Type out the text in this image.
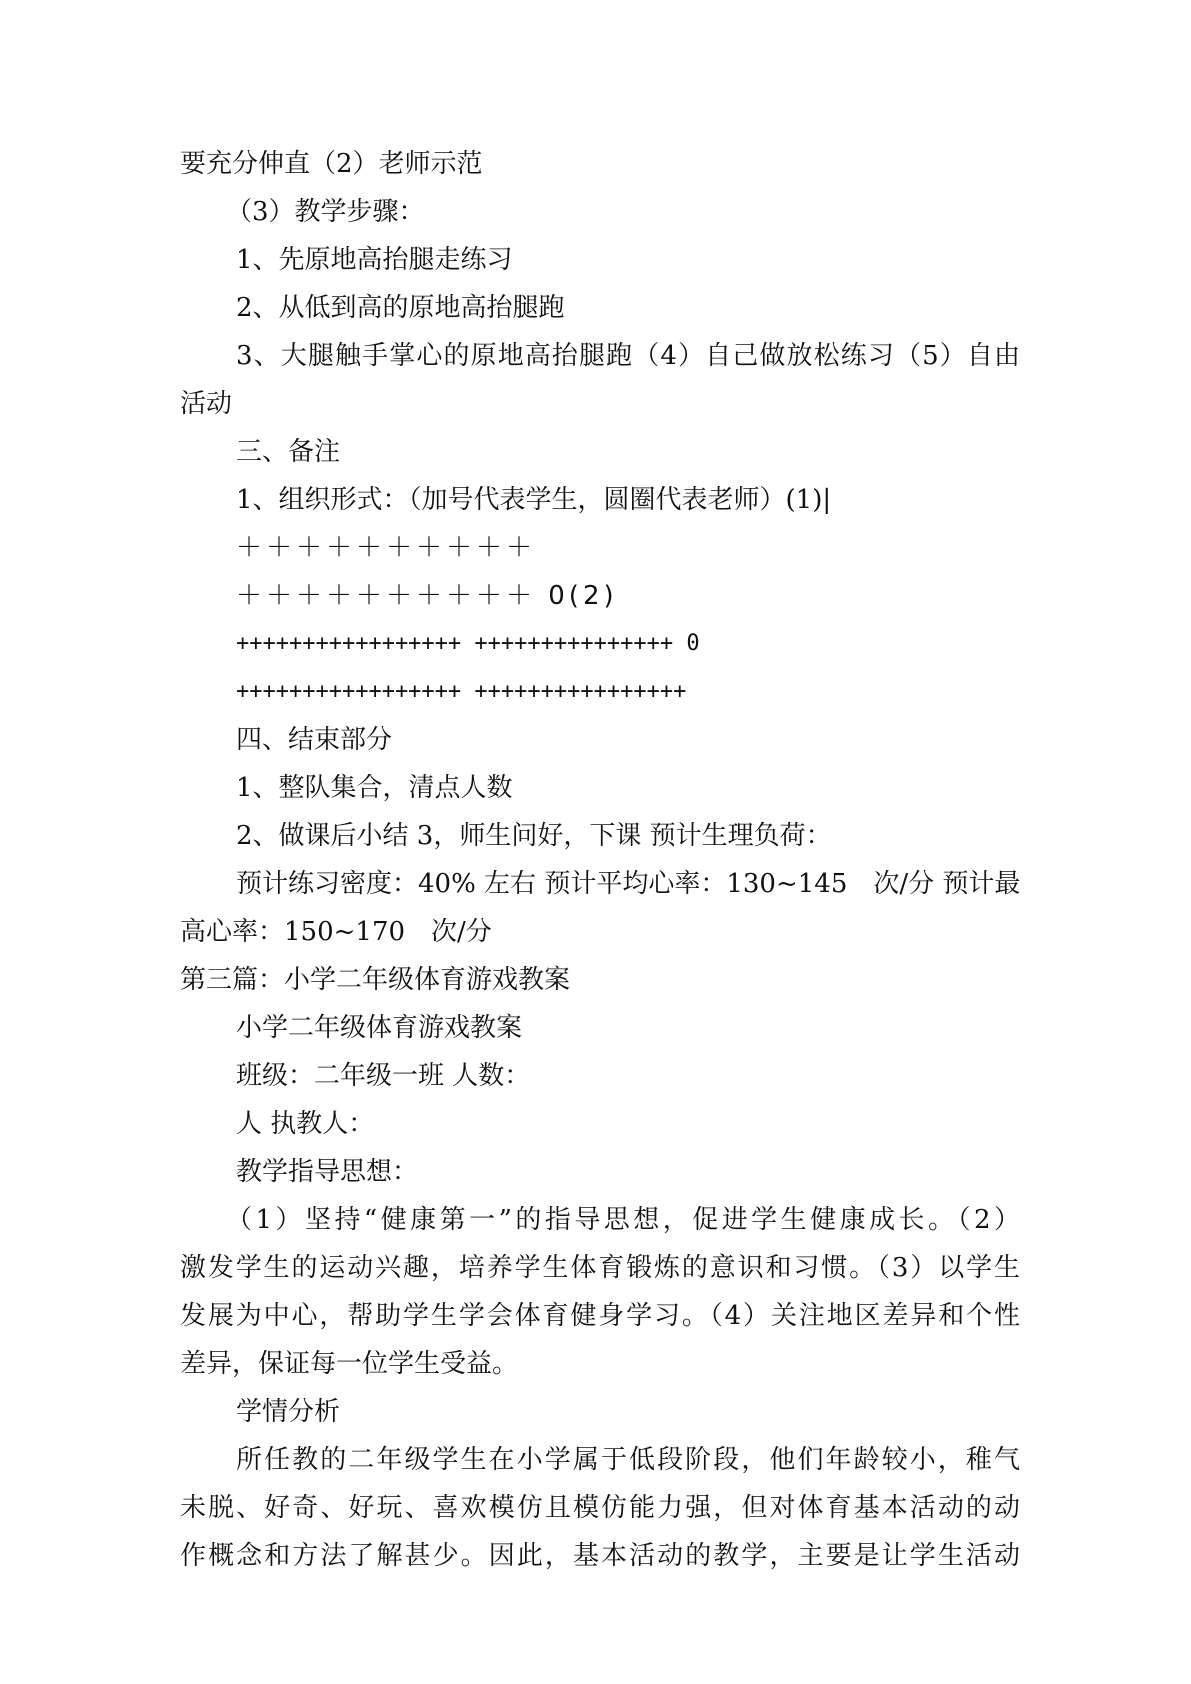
要充分伸直（2）老师示范
（3）教学步骤：
1、先原地高抬腿走练习
2、从低到高的原地高抬腿跑
3、大腿触手掌心的原地高抬腿跑（4）自己做放松练习（5）自由
活动
三、备注
1、组织形式：（加号代表学生，圆圈代表老师）(1)|
＋＋＋＋＋＋＋＋＋＋
＋＋＋＋＋＋＋＋＋＋ 0(2)
+++++++++++++++++ +++++++++++++++ 0
+++++++++++++++++ ++++++++++++++++
四、结束部分
1、整队集合，清点人数
2、做课后小结 3，师生问好，下课 预计生理负荷：
预计练习密度：40% 左右 预计平均心率：130~145　次/分 预计最
高心率：150~170　次/分
第三篇：小学二年级体育游戏教案
小学二年级体育游戏教案
班级：二年级一班 人数：
人 执教人：
教学指导思想：
（1）坚持“健康第一”的指导思想，促进学生健康成长。（2）
激发学生的运动兴趣，培养学生体育锻炼的意识和习惯。（3）以学生
发展为中心，帮助学生学会体育健身学习。（4）关注地区差异和个性
差异，保证每一位学生受益。
学情分析
所任教的二年级学生在小学属于低段阶段，他们年龄较小，稚气
未脱、好奇、好玩、喜欢模仿且模仿能力强，但对体育基本活动的动
作概念和方法了解甚少。因此，基本活动的教学，主要是让学生活动
